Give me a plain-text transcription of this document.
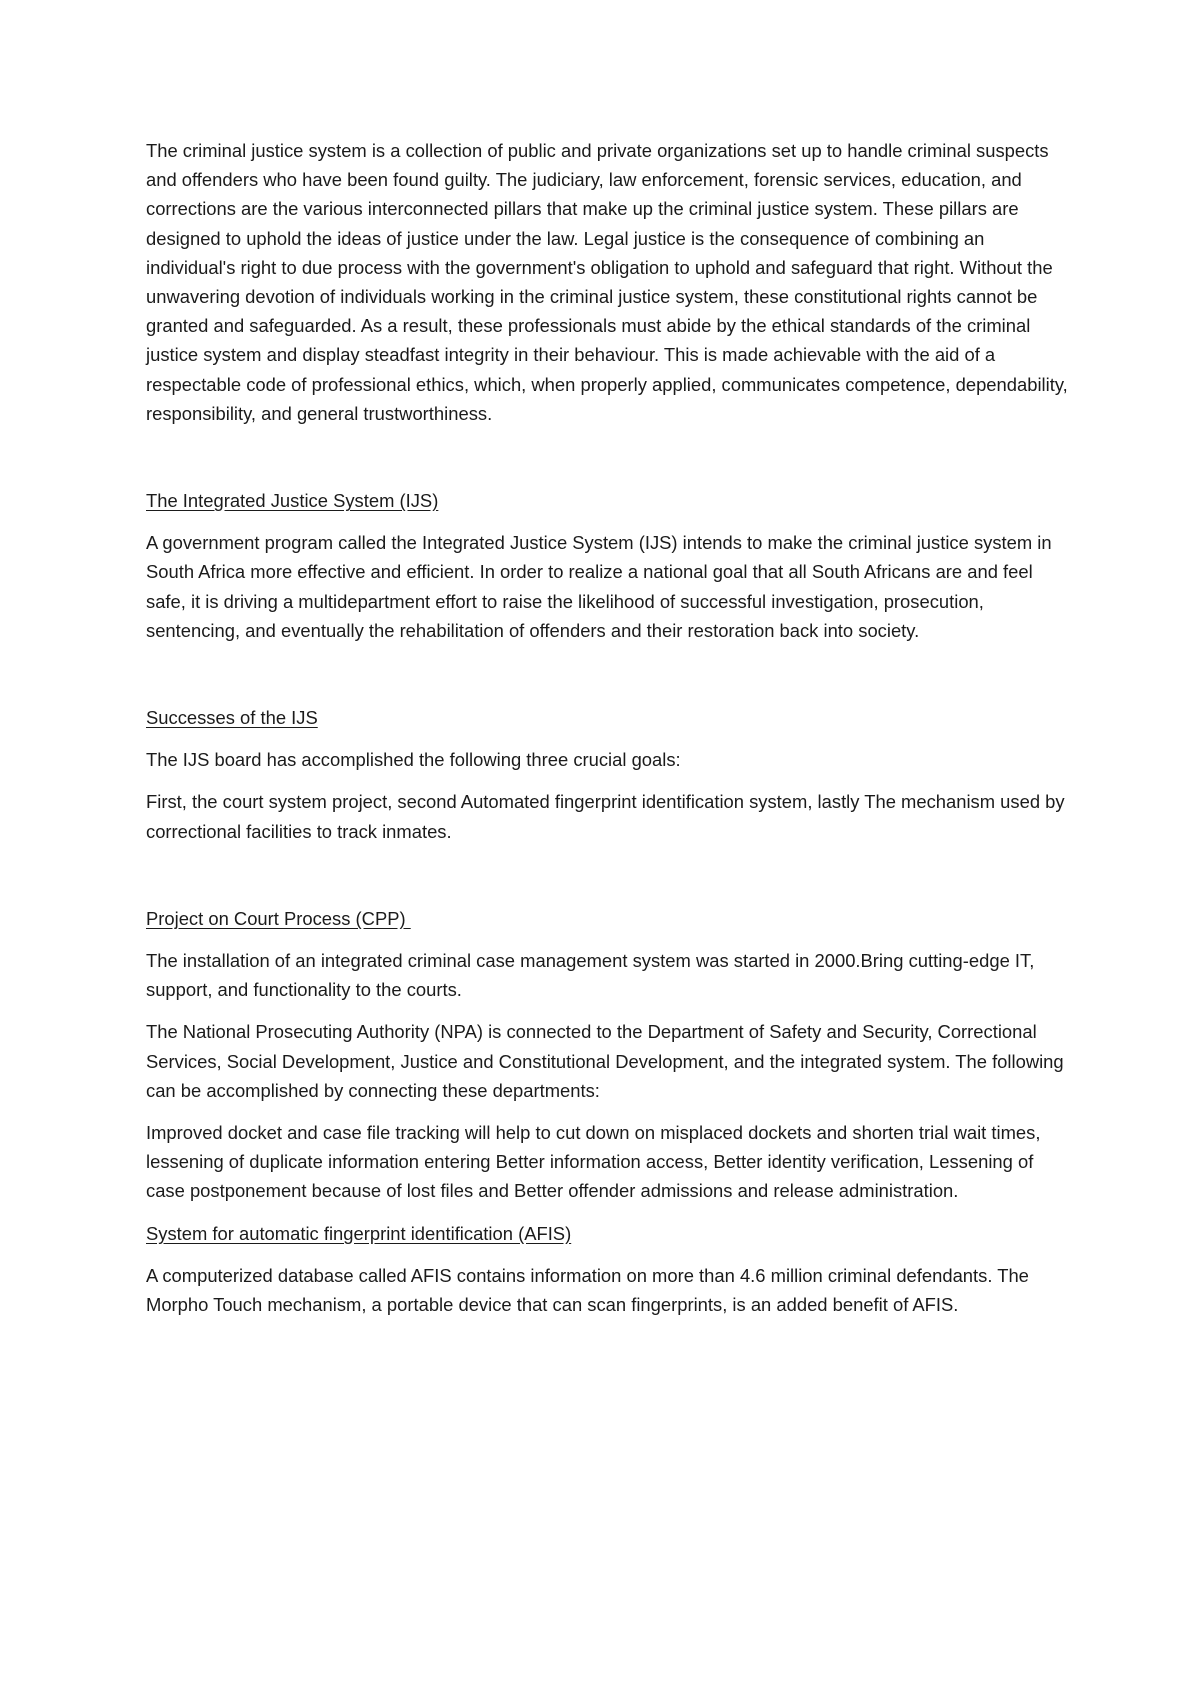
The criminal justice system is a collection of public and private organizations set up to handle criminal suspects and offenders who have been found guilty. The judiciary, law enforcement, forensic services, education, and corrections are the various interconnected pillars that make up the criminal justice system. These pillars are designed to uphold the ideas of justice under the law. Legal justice is the consequence of combining an individual's right to due process with the government's obligation to uphold and safeguard that right. Without the unwavering devotion of individuals working in the criminal justice system, these constitutional rights cannot be granted and safeguarded. As a result, these professionals must abide by the ethical standards of the criminal justice system and display steadfast integrity in their behaviour. This is made achievable with the aid of a respectable code of professional ethics, which, when properly applied, communicates competence, dependability, responsibility, and general trustworthiness.

The Integrated Justice System (IJS)

A government program called the Integrated Justice System (IJS) intends to make the criminal justice system in South Africa more effective and efficient. In order to realize a national goal that all South Africans are and feel safe, it is driving a multidepartment effort to raise the likelihood of successful investigation, prosecution, sentencing, and eventually the rehabilitation of offenders and their restoration back into society.

Successes of the IJS

The IJS board has accomplished the following three crucial goals:

First, the court system project, second Automated fingerprint identification system, lastly The mechanism used by correctional facilities to track inmates.

Project on Court Process (CPP)

The installation of an integrated criminal case management system was started in 2000.Bring cutting-edge IT, support, and functionality to the courts.

The National Prosecuting Authority (NPA) is connected to the Department of Safety and Security, Correctional Services, Social Development, Justice and Constitutional Development, and the integrated system. The following can be accomplished by connecting these departments:

Improved docket and case file tracking will help to cut down on misplaced dockets and shorten trial wait times, lessening of duplicate information entering Better information access, Better identity verification, Lessening of case postponement because of lost files and Better offender admissions and release administration.

System for automatic fingerprint identification (AFIS)

A computerized database called AFIS contains information on more than 4.6 million criminal defendants. The Morpho Touch mechanism, a portable device that can scan fingerprints, is an added benefit of AFIS.
